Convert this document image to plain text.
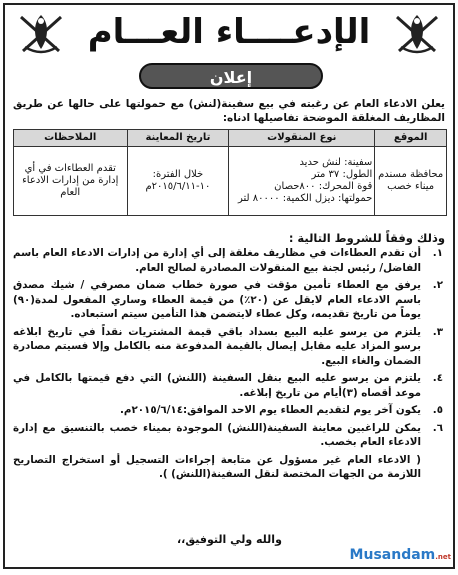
الإدعــــاء العـــام
إعلان
يعلن الادعاء العام عن رغبته في بيع سفينة(لنش) مع حمولتها على حالها عن طريق المظاريف المغلقة الموضحة تفاصيلها ادناه:
الموقع	نوع المنقولات	تاريخ المعاينة	الملاحظات
محافظة مسندم ميناء خصب	سفينة: لنش حديد
الطول: ٣٧ متر
قوة المحرك: ٨٠٠حصان
حمولتها: ديزل الكمية: ٨٠٠٠٠ لتر	خلال الفترة: ١٠-٢٠١٥/٦/١١م	تقدم العطاءات في أي إدارة من إدارات الادعاء العام
وذلك وفقاً للشروط التالية :
١.
أن تقدم العطاءات في مظاريف مغلقة إلى أي إدارة من إدارات الادعاء العام باسم الفاضل/ رئيس لجنة بيع المنقولات المصادرة لصالح العام.
٢.
يرفق مع العطاء تأمين مؤقت في صورة خطاب ضمان مصرفي / شيك مصدق باسم الادعاء العام لايقل عن (٢٠٪) من قيمة العطاء وساري المفعول لمدة(٩٠) يوماً من تاريخ تقديمه، وكل عطاء لايتضمن هذا التأمين سيتم استبعاده.
٣.
يلتزم من يرسو عليه البيع بسداد باقي قيمة المشتريات نقداً في تاريخ ابلاغه برسو المزاد عليه مقابل إيصال بالقيمة المدفوعة منه بالكامل وإلا فسيتم مصادرة الضمان والغاء البيع.
٤.
يلتزم من يرسو عليه البيع بنقل السفينة (اللنش) التي دفع قيمتها بالكامل في موعد أقصاه (٣)أيام من تاريخ إبلاغه.
٥.
يكون آخر يوم لتقديم العطاء يوم الاحد الموافق:٢٠١٥/٦/١٤م.
٦.
يمكن للراغبين معاينة السفينة(اللنش) الموجودة بميناء خصب بالتنسيق مع إدارة الادعاء العام بخصب.
( الادعاء العام غير مسؤول عن متابعة إجراءات التسجيل أو استخراج التصاريح اللازمة من الجهات المختصة لنقل السفينة(اللنش) ).
والله ولي التوفيق،،
Musandam.net
